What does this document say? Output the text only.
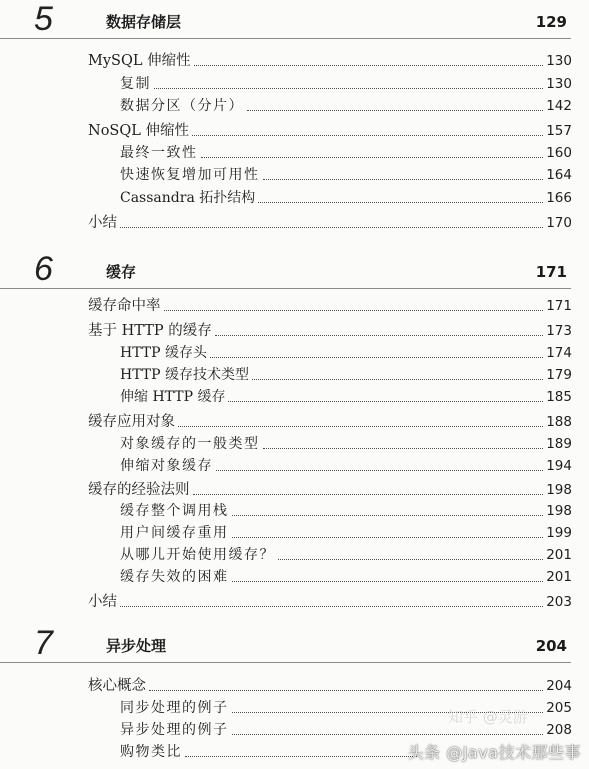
5	数据存储层	129
MySQL 伸缩性	130
复制	130
数据分区（分片）	142
NoSQL 伸缩性	157
最终一致性	160
快速恢复增加可用性	164
Cassandra 拓扑结构	166
小结	170
6	缓存	171
缓存命中率	171
基于 HTTP 的缓存	173
HTTP 缓存头	174
HTTP 缓存技术类型	179
伸缩 HTTP 缓存	185
缓存应用对象	188
对象缓存的一般类型	189
伸缩对象缓存	194
缓存的经验法则	198
缓存整个调用栈	198
用户间缓存重用	199
从哪儿开始使用缓存？	201
缓存失效的困难	201
小结	203
7	异步处理	204
核心概念	204
同步处理的例子	205
异步处理的例子	208
购物类比
知乎 @灵游
头条 @Java技术那些事
